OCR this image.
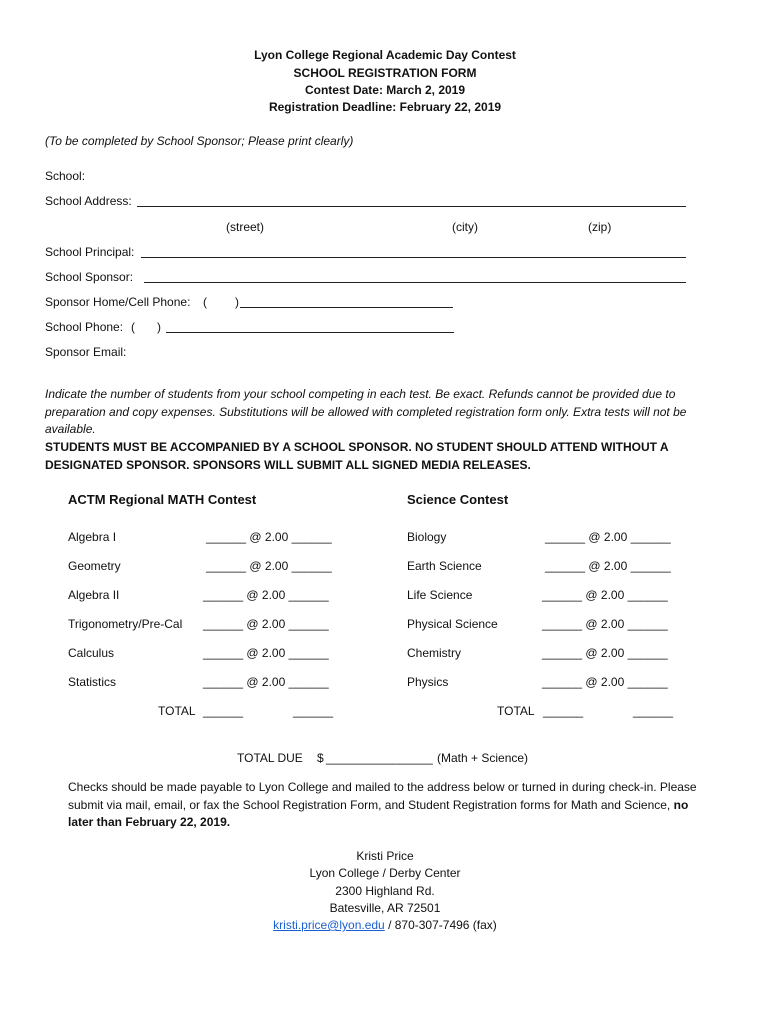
Lyon College Regional Academic Day Contest
SCHOOL REGISTRATION FORM
Contest Date: March 2, 2019
Registration Deadline: February 22, 2019
(To be completed by School Sponsor; Please print clearly)
School:
School Address:
(street)	(city)	(zip)
School Principal:
School Sponsor:
Sponsor Home/Cell Phone: ( )
School Phone: ( )
Sponsor Email:
Indicate the number of students from your school competing in each test. Be exact. Refunds cannot be provided due to preparation and copy expenses. Substitutions will be allowed with completed registration form only. Extra tests will not be available.
STUDENTS MUST BE ACCOMPANIED BY A SCHOOL SPONSOR. NO STUDENT SHOULD ATTEND WITHOUT A DESIGNATED SPONSOR. SPONSORS WILL SUBMIT ALL SIGNED MEDIA RELEASES.
ACTM Regional MATH Contest
Algebra I	______ @ 2.00 ______
Geometry	______ @ 2.00 ______
Algebra II	______ @ 2.00 ______
Trigonometry/Pre-Cal ______ @ 2.00 ______
Calculus	______ @ 2.00 ______
Statistics	______ @ 2.00 ______
TOTAL ______	______
Science Contest
Biology	______ @ 2.00 ______
Earth Science	______ @ 2.00 ______
Life Science	______ @ 2.00 ______
Physical Science	______ @ 2.00 ______
Chemistry	______ @ 2.00 ______
Physics	______ @ 2.00 ______
TOTAL ______	______
TOTAL DUE $ ________________ (Math + Science)
Checks should be made payable to Lyon College and mailed to the address below or turned in during check-in. Please submit via mail, email, or fax the School Registration Form, and Student Registration forms for Math and Science, no later than February 22, 2019.
Kristi Price
Lyon College / Derby Center
2300 Highland Rd.
Batesville, AR 72501
kristi.price@lyon.edu / 870-307-7496 (fax)
